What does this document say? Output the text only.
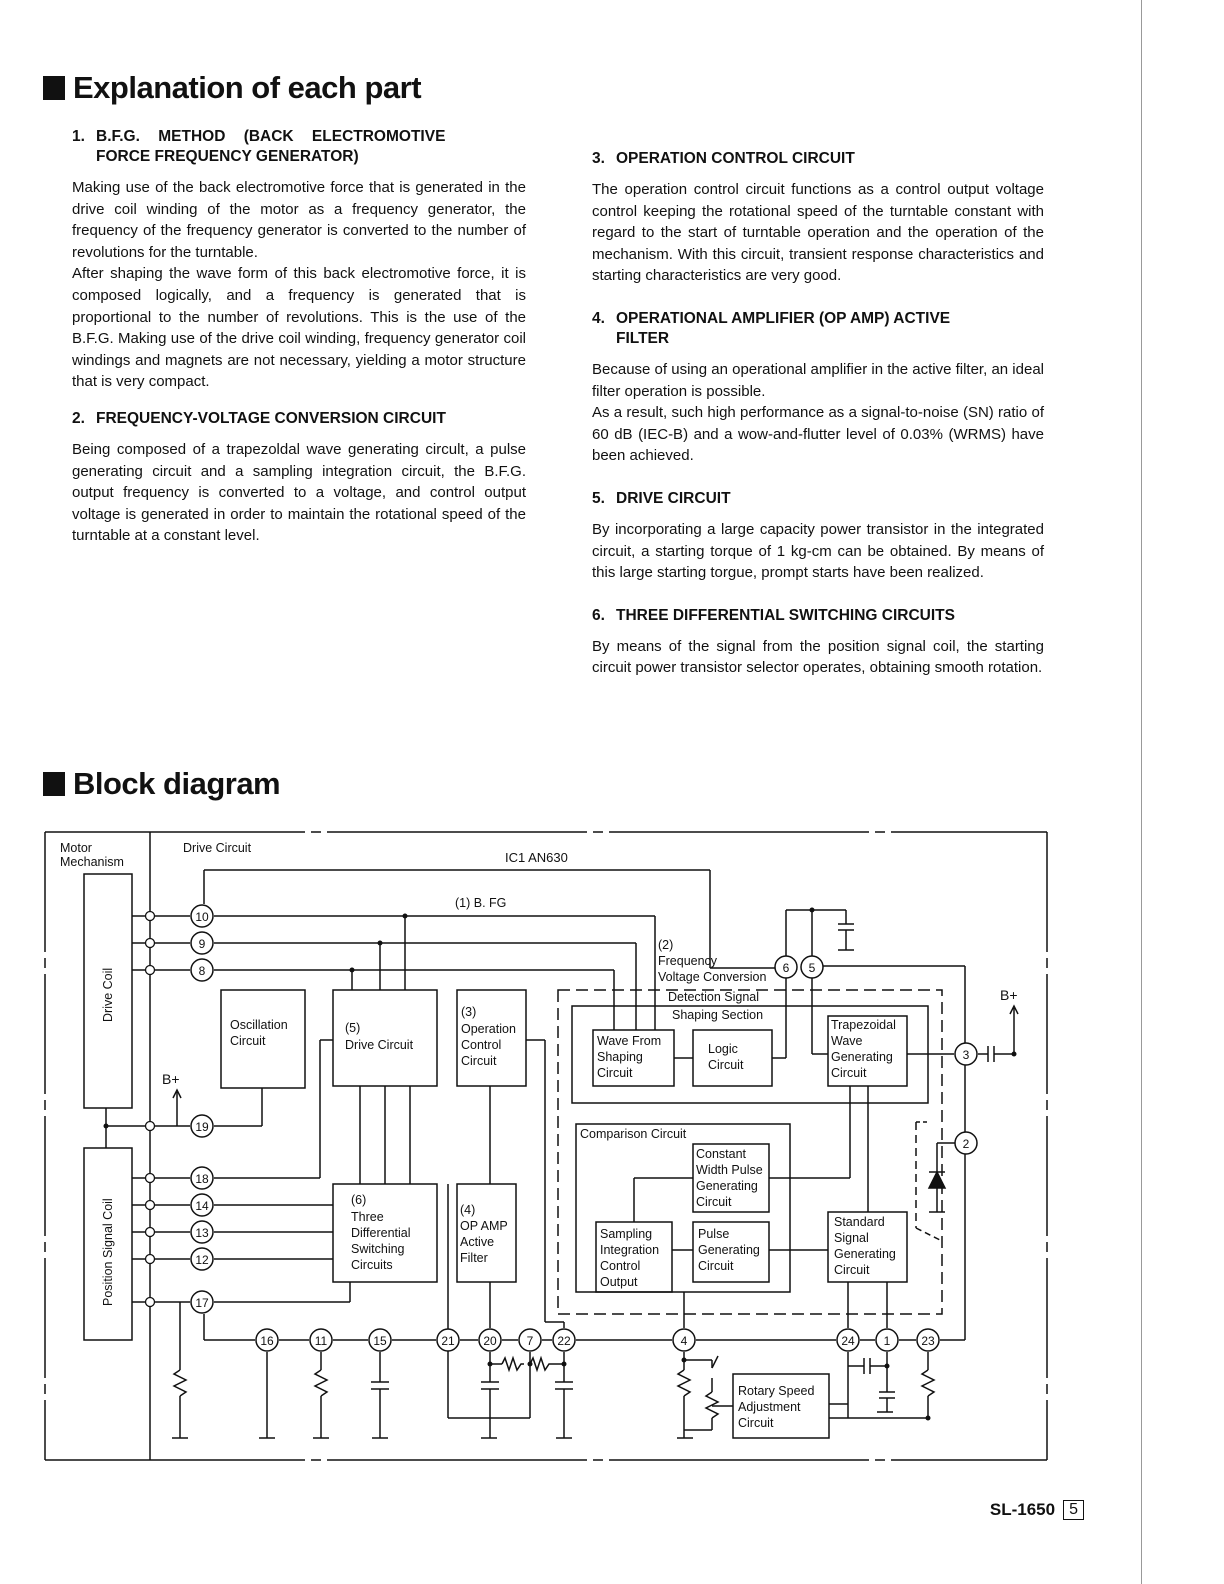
Explanation of each part

1. B.F.G. METHOD (BACK ELECTROMOTIVE

FORCE FREQUENCY GENERATOR)

Making use of the back electromotive force that is generated in the drive coil winding of the motor as a frequency generator, the frequency of the frequency generator is converted to the number of revolutions for the turntable.

After shaping the wave form of this back electromotive force, it is composed logically, and a frequency is generated that is proportional to the number of revolutions. This is the use of the B.F.G. Making use of the drive coil winding, frequency generator coil windings and magnets are not necessary, yielding a motor structure that is very compact.

2. FREQUENCY-VOLTAGE CONVERSION CIRCUIT

Being composed of a trapezoldal wave generating circult, a pulse generating circuit and a sampling integration circuit, the B.F.G. output frequency is converted to a voltage, and control output voltage is generated in order to maintain the rotational speed of the turntable at a constant level.

3. OPERATION CONTROL CIRCUIT

The operation control circuit functions as a control output voltage control keeping the rotational speed of the turntable constant with regard to the start of turntable operation and the operation of the mechanism. With this circuit, transient response characteristics and starting characteristics are very good.

4. OPERATIONAL AMPLIFIER (OP AMP) ACTIVE

FILTER

Because of using an operational amplifier in the active filter, an ideal filter operation is possible.

As a result, such high performance as a signal-to-noise (SN) ratio of 60 dB (IEC-B) and a wow-and-flutter level of 0.03% (WRMS) have been achieved.

5. DRIVE CIRCUIT

By incorporating a large capacity power transistor in the integrated circuit, a starting torque of 1 kg-cm can be obtained. By means of this large starting torgue, prompt starts have been realized.

6. THREE DIFFERENTIAL SWITCHING CIRCUITS

By means of the signal from the position signal coil, the starting circuit power transistor selector operates, obtaining smooth rotation.

Block diagram
10
9
8
19
18
14
13
12
17
6 5
3
2
16	11	15	21 20 7 22	4	24 1	23
Motor
Mechanism
Drive Circuit
IC1 AN630
(1) B. FG
B+
B+
(2)
Frequency
Voltage Conversion
Detection Signal
Shaping Section
Oscillation
Circuit
(5)
Drive Circuit
(3)
Operation
Control
Circuit
Wave From
Shaping
Circuit
Logic
Circuit
Trapezoidal
Wave
Generating
Circuit
Comparison Circuit
Constant
Width Pulse
Generating
Circuit
Sampling
Integration
Control
Output
Pulse
Generating
Circuit
Standard
Signal
Generating
Circuit
(6)
Three
Differential
Switching
Circuits
(4)
OP AMP
Active
Filter
Rotary Speed
Adjustment
Circuit
Drive Coil
Position Signal Coil
SL-1650 5
